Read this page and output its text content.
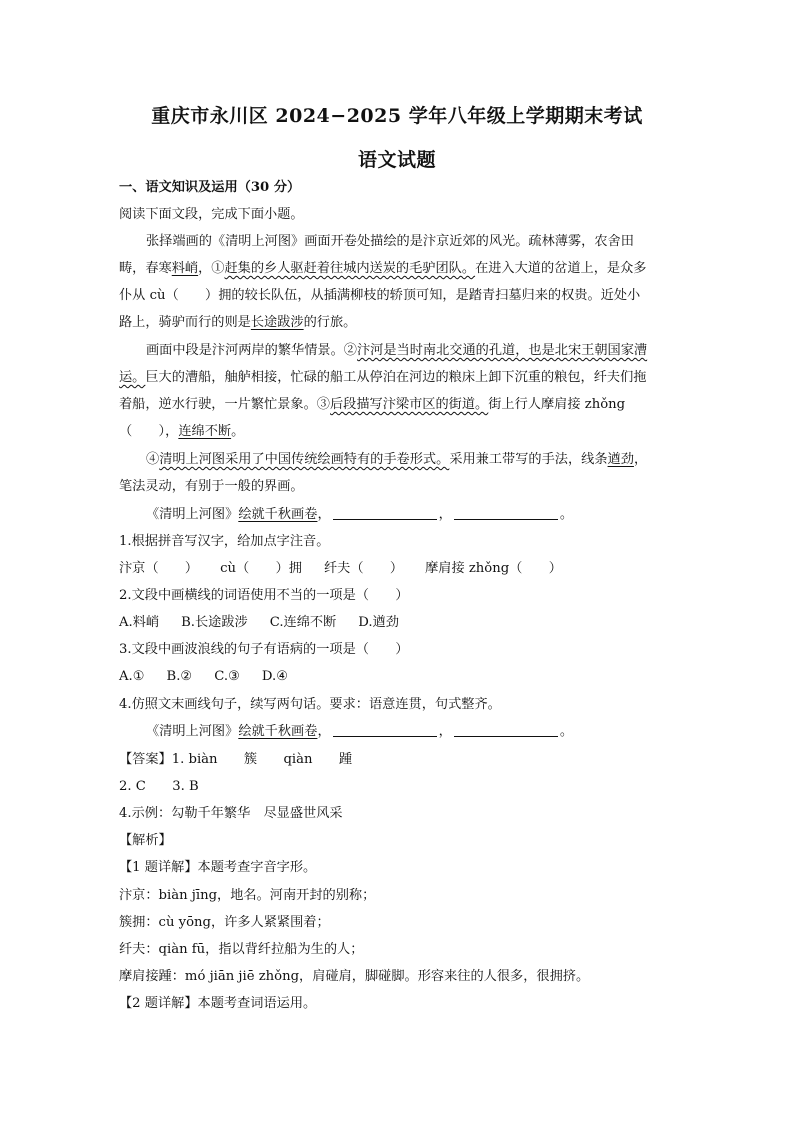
重庆市永川区 2024−2025 学年八年级上学期期末考试
语文试题
一、语文知识及运用（30 分）
阅读下面文段，完成下面小题。
张择端画的《清明上河图》画面开卷处描绘的是汴京近郊的风光。疏林薄雾，农舍田
畴，春寒料峭，①赶集的乡人驱赶着往城内送炭的毛驴团队。在进入大道的岔道上，是众多
仆从 cù（　　）拥的较长队伍，从插满柳枝的轿顶可知，是踏青扫墓归来的权贵。近处小
路上，骑驴而行的则是长途跋涉的行旅。
画面中段是汴河两岸的繁华情景。②汴河是当时南北交通的孔道，也是北宋王朝国家漕
运。巨大的漕船，舳舻相接，忙碌的船工从停泊在河边的粮床上卸下沉重的粮包，纤夫们拖
着船，逆水行驶，一片繁忙景象。③后段描写汴梁市区的街道。街上行人摩肩接 zhǒng
（　　），连绵不断。
④清明上河图采用了中国传统绘画特有的手卷形式。采用兼工带写的手法，线条遒劲，
笔法灵动，有别于一般的界画。
《清明上河图》绘就千秋画卷，	，	。
1.根据拼音写汉字，给加点字注音。
汴京（　　） cù（　　）拥 纤夫（　　） 摩肩接 zhǒng（　　）
2.文段中画横线的词语使用不当的一项是（　　）
A.料峭 B.长途跋涉 C.连绵不断 D.遒劲
3.文段中画波浪线的句子有语病的一项是（　　）
A.① B.② C.③ D.④
4.仿照文末画线句子，续写两句话。要求：语意连贯，句式整齐。
《清明上河图》绘就千秋画卷，	，	。
【答案】1. biàn　　簇　　qiàn　　踵
2. C　　3. B
4.示例：勾勒千年繁华　尽显盛世风采
【解析】
【1 题详解】本题考查字音字形。
汴京：biàn jīng，地名。河南开封的别称；
簇拥：cù yōng，许多人紧紧围着；
纤夫：qiàn fū，指以背纤拉船为生的人；
摩肩接踵：mó jiān jiē zhǒng，肩碰肩，脚碰脚。形容来往的人很多，很拥挤。
【2 题详解】本题考查词语运用。
